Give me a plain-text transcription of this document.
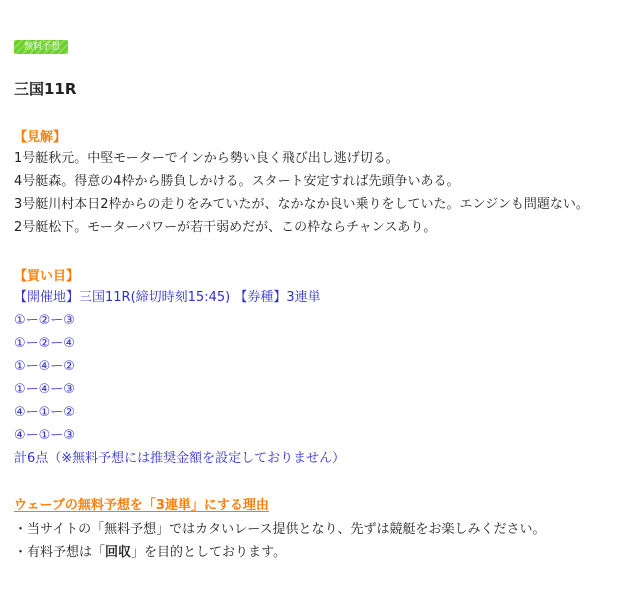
無料予想
三国11R
【見解】
1号艇秋元。中堅モーターでインから勢い良く飛び出し逃げ切る。
4号艇森。得意の4枠から勝負しかける。スタート安定すれば先頭争いある。
3号艇川村本日2枠からの走りをみていたが、なかなか良い乗りをしていた。エンジンも問題ない。
2号艇松下。モーターパワーが若干弱めだが、この枠ならチャンスあり。
【買い目】
【開催地】三国11R(締切時刻15:45) 【券種】3連単
①ー②ー③
①ー②ー④
①ー④ー②
①ー④ー③
④ー①ー②
④ー①ー③
計6点（※無料予想には推奨金額を設定しておりません）
ウェーブの無料予想を「3連単」にする理由
・当サイトの「無料予想」ではカタいレース提供となり、先ずは競艇をお楽しみください。
・有料予想は「回収」を目的としております。
